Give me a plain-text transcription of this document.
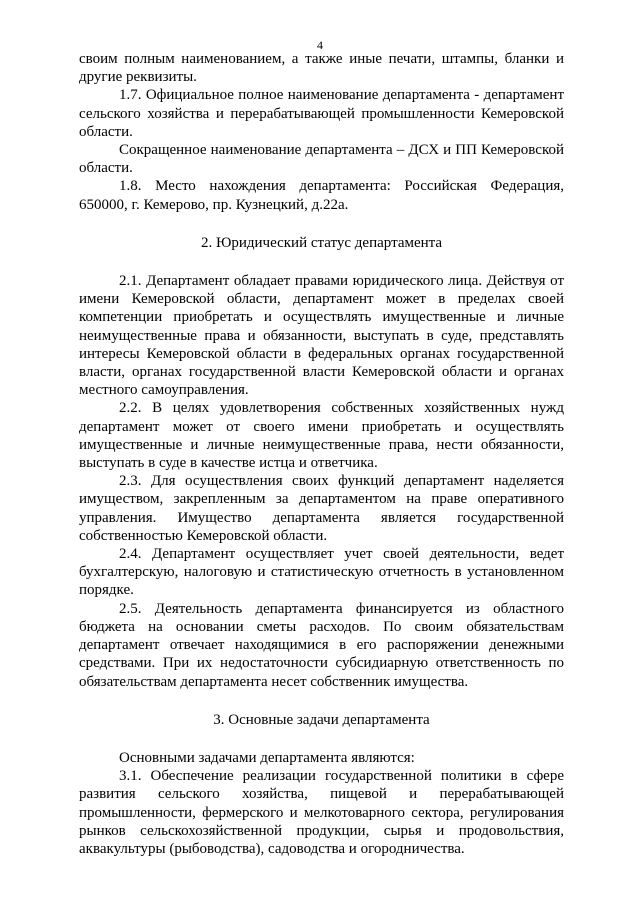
4

своим полным наименованием, а также иные печати, штампы, бланки и другие реквизиты.

1.7. Официальное полное наименование департамента - департамент сельского хозяйства и перерабатывающей промышленности Кемеровской области.

Сокращенное наименование департамента – ДСХ и ПП Кемеровской области.

1.8. Место нахождения департамента: Российская Федерация, 650000, г. Кемерово, пр. Кузнецкий, д.22а.

2. Юридический статус департамента

2.1. Департамент обладает правами юридического лица. Действуя от имени Кемеровской области, департамент может в пределах своей компетенции приобретать и осуществлять имущественные и личные неимущественные права и обязанности, выступать в суде, представлять интересы Кемеровской области в федеральных органах государственной власти, органах государственной власти Кемеровской области и органах местного самоуправления.

2.2. В целях удовлетворения собственных хозяйственных нужд департамент может от своего имени приобретать и осуществлять имущественные и личные неимущественные права, нести обязанности, выступать в суде в качестве истца и ответчика.

2.3. Для осуществления своих функций департамент наделяется имуществом, закрепленным за департаментом на праве оперативного управления. Имущество департамента является государственной собственностью Кемеровской области.

2.4. Департамент осуществляет учет своей деятельности, ведет бухгалтерскую, налоговую и статистическую отчетность в установленном порядке.

2.5. Деятельность департамента финансируется из областного бюджета на основании сметы расходов. По своим обязательствам департамент отвечает находящимися в его распоряжении денежными средствами. При их недостаточности субсидиарную ответственность по обязательствам департамента несет собственник имущества.

3. Основные задачи департамента

Основными задачами департамента являются:

3.1. Обеспечение реализации государственной политики в сфере развития сельского хозяйства, пищевой и перерабатывающей промышленности, фермерского и мелкотоварного сектора, регулирования рынков сельскохозяйственной продукции, сырья и продовольствия, аквакультуры (рыбоводства), садоводства и огородничества.
